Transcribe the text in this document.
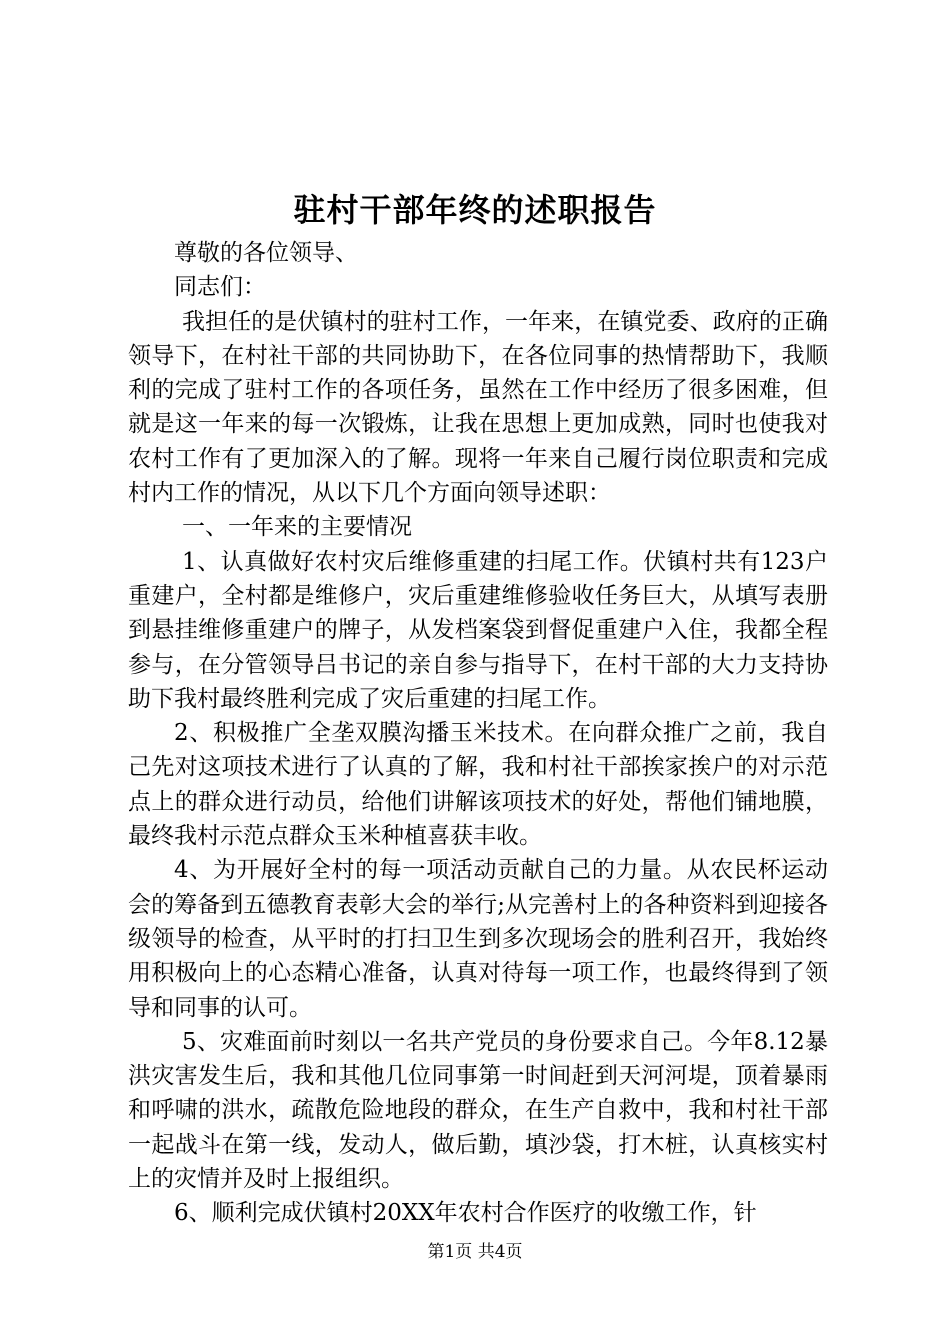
驻村干部年终的述职报告

尊敬的各位领导、

同志们：

我担任的是伏镇村的驻村工作，一年来，在镇党委、政府的正确领导下，在村社干部的共同协助下，在各位同事的热情帮助下，我顺利的完成了驻村工作的各项任务，虽然在工作中经历了很多困难，但就是这一年来的每一次锻炼，让我在思想上更加成熟，同时也使我对农村工作有了更加深入的了解。现将一年来自己履行岗位职责和完成村内工作的情况，从以下几个方面向领导述职：

一、一年来的主要情况

1、认真做好农村灾后维修重建的扫尾工作。伏镇村共有123户重建户，全村都是维修户，灾后重建维修验收任务巨大，从填写表册到悬挂维修重建户的牌子，从发档案袋到督促重建户入住，我都全程参与，在分管领导吕书记的亲自参与指导下，在村干部的大力支持协助下我村最终胜利完成了灾后重建的扫尾工作。

2、积极推广全垄双膜沟播玉米技术。在向群众推广之前，我自己先对这项技术进行了认真的了解，我和村社干部挨家挨户的对示范点上的群众进行动员，给他们讲解该项技术的好处，帮他们铺地膜，最终我村示范点群众玉米种植喜获丰收。

4、为开展好全村的每一项活动贡献自己的力量。从农民杯运动会的筹备到五德教育表彰大会的举行;从完善村上的各种资料到迎接各级领导的检查，从平时的打扫卫生到多次现场会的胜利召开，我始终用积极向上的心态精心准备，认真对待每一项工作，也最终得到了领导和同事的认可。

5、灾难面前时刻以一名共产党员的身份要求自己。今年8.12暴洪灾害发生后，我和其他几位同事第一时间赶到天河河堤，顶着暴雨和呼啸的洪水，疏散危险地段的群众，在生产自救中，我和村社干部一起战斗在第一线，发动人，做后勤，填沙袋，打木桩，认真核实村上的灾情并及时上报组织。

6、顺利完成伏镇村20XX年农村合作医疗的收缴工作，针

第1页 共4页
